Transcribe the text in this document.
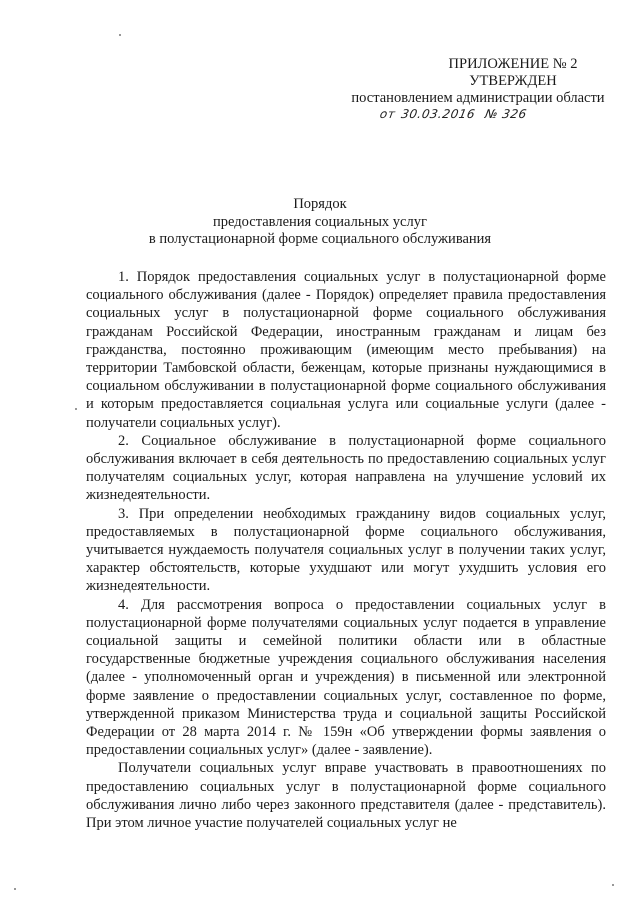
ПРИЛОЖЕНИЕ № 2
УТВЕРЖДЕН
постановлением администрации области
от 30.03.2016 № 326
Порядок
предоставления социальных услуг
в полустационарной форме социального обслуживания

1. Порядок предоставления социальных услуг в полустационарной форме социального обслуживания (далее - Порядок) определяет правила предоставления социальных услуг в полустационарной форме социального обслуживания гражданам Российской Федерации, иностранным гражданам и лицам без гражданства, постоянно проживающим (имеющим место пребывания) на территории Тамбовской области, беженцам, которые признаны нуждающимися в социальном обслуживании в полустационарной форме социального обслуживания и которым предоставляется социальная услуга или социальные услуги (далее - получатели социальных услуг).

2. Социальное обслуживание в полустационарной форме социального обслуживания включает в себя деятельность по предоставлению социальных услуг получателям социальных услуг, которая направлена на улучшение условий их жизнедеятельности.

3. При определении необходимых гражданину видов социальных услуг, предоставляемых в полустационарной форме социального обслуживания, учитывается нуждаемость получателя социальных услуг в получении таких услуг, характер обстоятельств, которые ухудшают или могут ухудшить условия его жизнедеятельности.

4. Для рассмотрения вопроса о предоставлении социальных услуг в полустационарной форме получателями социальных услуг подается в управление социальной защиты и семейной политики области или в областные государственные бюджетные учреждения социального обслуживания населения (далее - уполномоченный орган и учреждения) в письменной или электронной форме заявление о предоставлении социальных услуг, составленное по форме, утвержденной приказом Министерства труда и социальной защиты Российской Федерации от 28 марта 2014 г. № 159н «Об утверждении формы заявления о предоставлении социальных услуг» (далее - заявление).

Получатели социальных услуг вправе участвовать в правоотношениях по предоставлению социальных услуг в полустационарной форме социального обслуживания лично либо через законного представителя (далее - представитель). При этом личное участие получателей социальных услуг не
